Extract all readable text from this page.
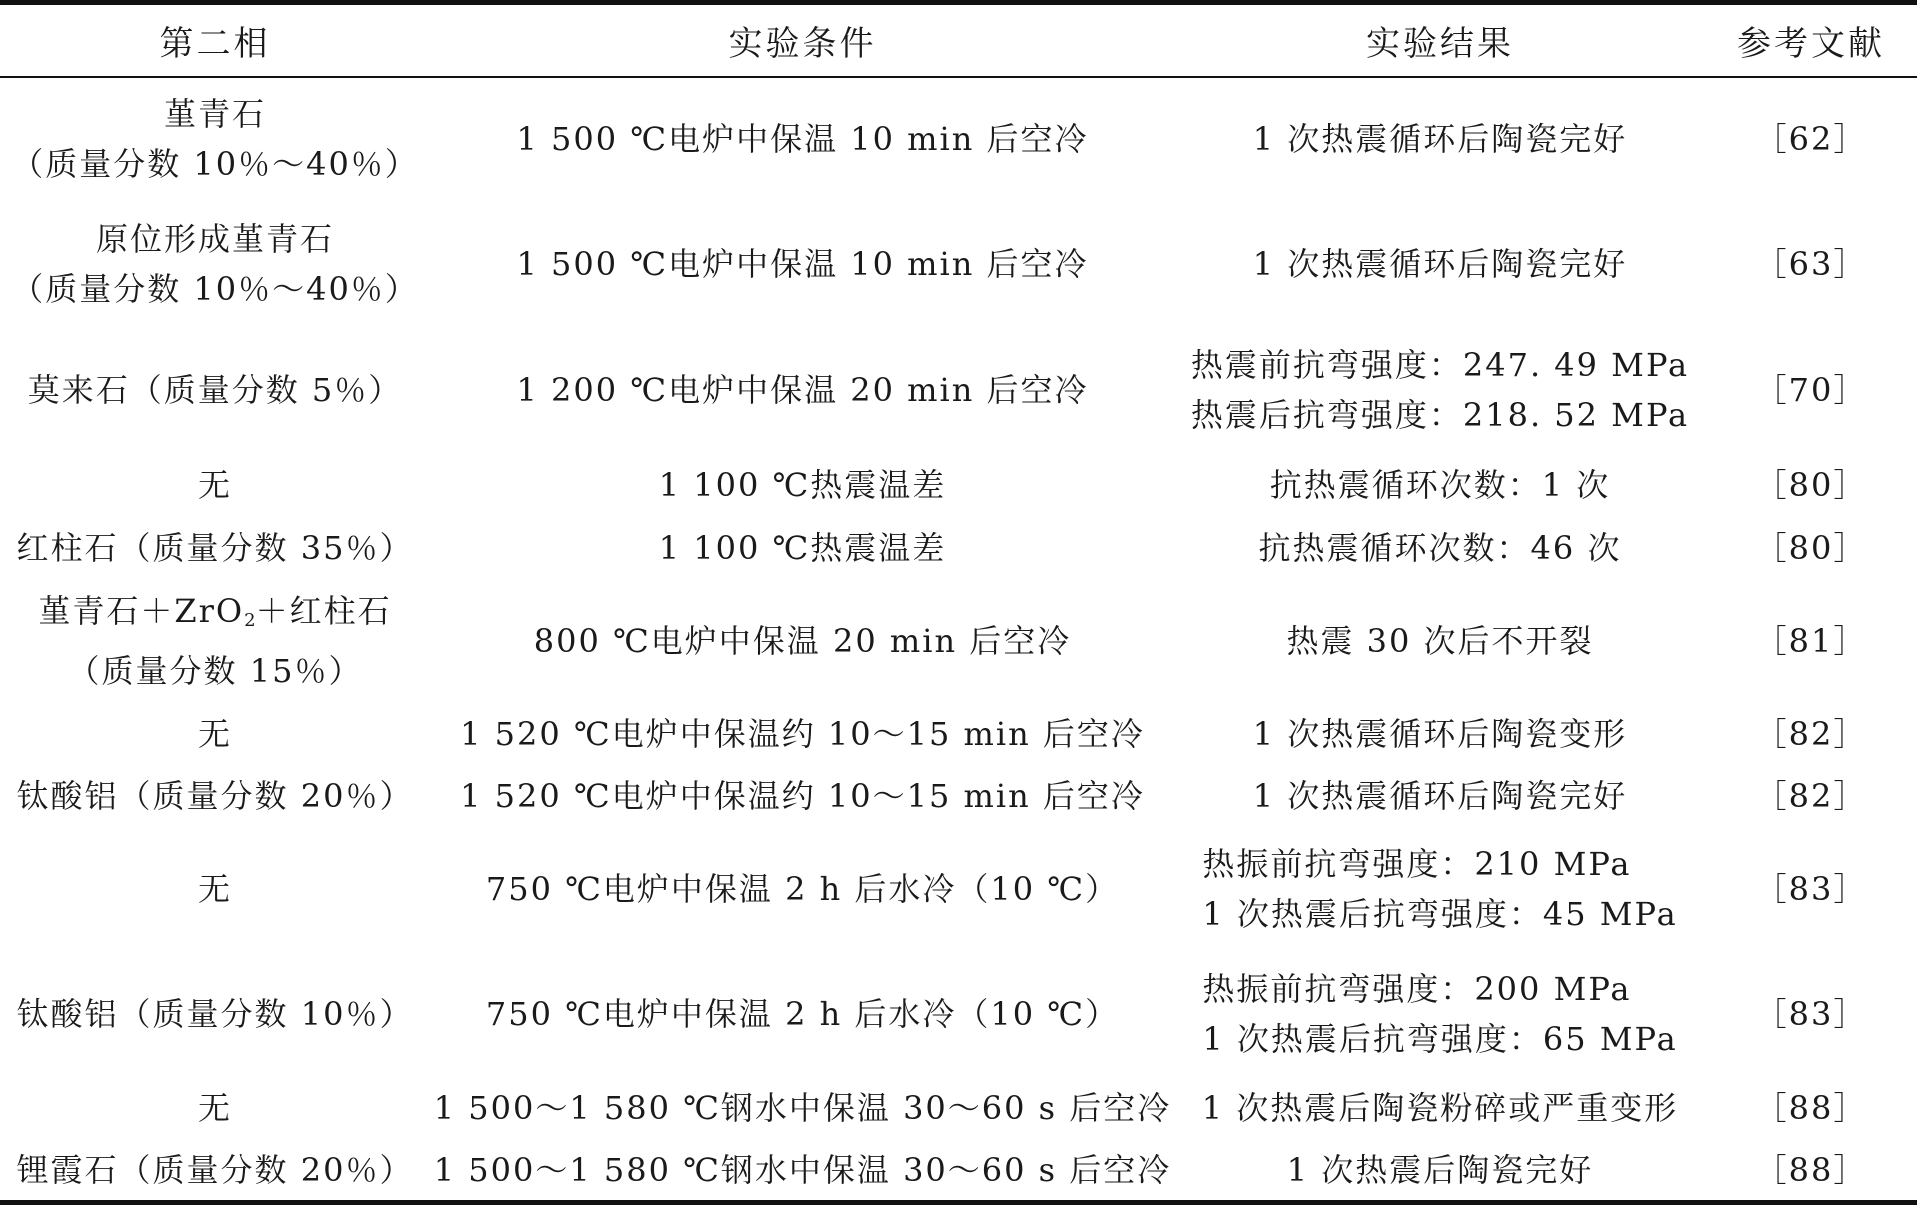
第二相	实验条件	实验结果	参考文献

堇青石
（质量分数 10％～40％）	1 500 ℃电炉中保温 10 min 后空冷	1 次热震循环后陶瓷完好	［62］

原位形成堇青石
（质量分数 10％～40％）	1 500 ℃电炉中保温 10 min 后空冷	1 次热震循环后陶瓷完好	［63］

莫来石（质量分数 5％）	1 200 ℃电炉中保温 20 min 后空冷	热震前抗弯强度：247. 49 MPa
热震后抗弯强度：218. 52 MPa	［70］

无	1 100 ℃热震温差	抗热震循环次数：1 次	［80］

红柱石（质量分数 35％）	1 100 ℃热震温差	抗热震循环次数：46 次	［80］

堇青石＋ZrO$_2$＋红柱石
（质量分数 15％）	800 ℃电炉中保温 20 min 后空冷	热震 30 次后不开裂	［81］

无	1 520 ℃电炉中保温约 10～15 min 后空冷	1 次热震循环后陶瓷变形	［82］

钛酸铝（质量分数 20％）	1 520 ℃电炉中保温约 10～15 min 后空冷	1 次热震循环后陶瓷完好	［82］

无	750 ℃电炉中保温 2 h 后水冷（10 ℃）	热振前抗弯强度：210 MPa
1 次热震后抗弯强度：45 MPa	［83］

钛酸铝（质量分数 10％）	750 ℃电炉中保温 2 h 后水冷（10 ℃）	热振前抗弯强度：200 MPa
1 次热震后抗弯强度：65 MPa	［83］

无	1 500～1 580 ℃钢水中保温 30～60 s 后空冷	1 次热震后陶瓷粉碎或严重变形	［88］

锂霞石（质量分数 20％）	1 500～1 580 ℃钢水中保温 30～60 s 后空冷	1 次热震后陶瓷完好	［88］
